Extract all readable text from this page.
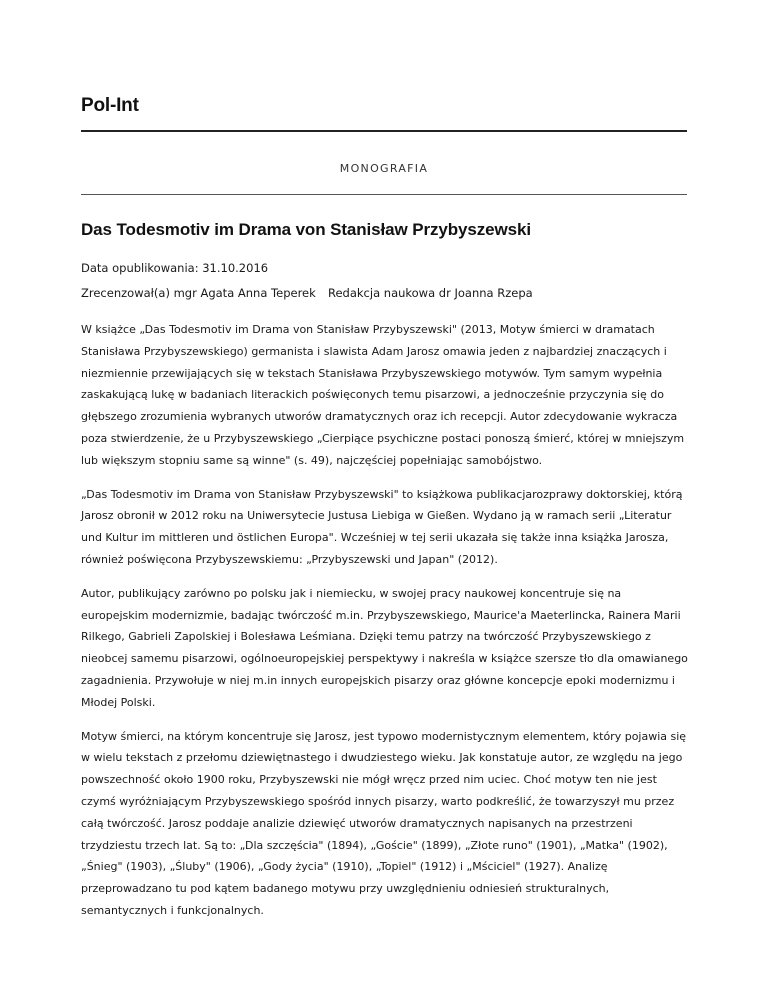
Pol-Int
MONOGRAFIA
Das Todesmotiv im Drama von Stanisław Przybyszewski
Data opublikowania: 31.10.2016
Zrecenzował(a) mgr Agata Anna Teperek Redakcja naukowa dr Joanna Rzepa

W książce „Das Todesmotiv im Drama von Stanisław Przybyszewski" (2013, Motyw śmierci w dramatach Stanisława Przybyszewskiego) germanista i slawista Adam Jarosz omawia jeden z najbardziej znaczących i niezmiennie przewijających się w tekstach Stanisława Przybyszewskiego motywów. Tym samym wypełnia zaskakującą lukę w badaniach literackich poświęconych temu pisarzowi, a jednocześnie przyczynia się do głębszego zrozumienia wybranych utworów dramatycznych oraz ich recepcji. Autor zdecydowanie wykracza poza stwierdzenie, że u Przybyszewskiego „Cierpiące psychiczne postaci ponoszą śmierć, której w mniejszym lub większym stopniu same są winne" (s. 49), najczęściej popełniając samobójstwo.

„Das Todesmotiv im Drama von Stanisław Przybyszewski" to książkowa publikacjarozprawy doktorskiej, którą Jarosz obronił w 2012 roku na Uniwersytecie Justusa Liebiga w Gießen. Wydano ją w ramach serii „Literatur und Kultur im mittleren und östlichen Europa". Wcześniej w tej serii ukazała się także inna książka Jarosza, również poświęcona Przybyszewskiemu: „Przybyszewski und Japan" (2012).

Autor, publikujący zarówno po polsku jak i niemiecku, w swojej pracy naukowej koncentruje się na europejskim modernizmie, badając twórczość m.in. Przybyszewskiego, Maurice'a Maeterlincka, Rainera Marii Rilkego, Gabrieli Zapolskiej i Bolesława Leśmiana. Dzięki temu patrzy na twórczość Przybyszewskiego z nieobcej samemu pisarzowi, ogólnoeuropejskiej perspektywy i nakreśla w książce szersze tło dla omawianego zagadnienia. Przywołuje w niej m.in innych europejskich pisarzy oraz główne koncepcje epoki modernizmu i Młodej Polski.

Motyw śmierci, na którym koncentruje się Jarosz, jest typowo modernistycznym elementem, który pojawia się w wielu tekstach z przełomu dziewiętnastego i dwudziestego wieku. Jak konstatuje autor, ze względu na jego powszechność około 1900 roku, Przybyszewski nie mógł wręcz przed nim uciec. Choć motyw ten nie jest czymś wyróżniającym Przybyszewskiego spośród innych pisarzy, warto podkreślić, że towarzyszył mu przez całą twórczość. Jarosz poddaje analizie dziewięć utworów dramatycznych napisanych na przestrzeni trzydziestu trzech lat. Są to: „Dla szczęścia" (1894), „Goście" (1899), „Złote runo" (1901), „Matka" (1902), „Śnieg" (1903), „Śluby" (1906), „Gody życia" (1910), „Topiel" (1912) i „Mściciel" (1927). Analizę przeprowadzano tu pod kątem badanego motywu przy uwzględnieniu odniesień strukturalnych, semantycznych i funkcjonalnych.
